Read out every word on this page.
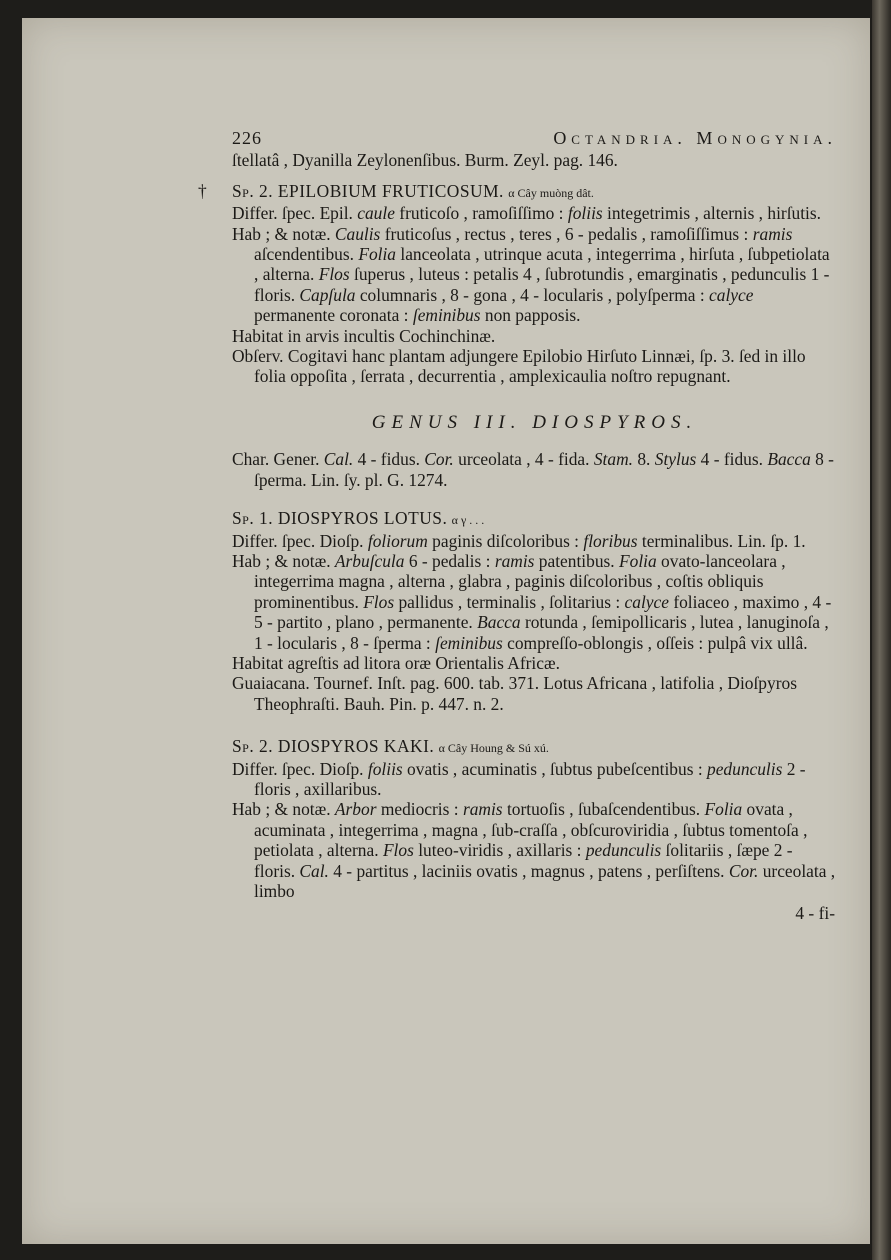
226	Octandria. Monogynia.

ſtellatâ , Dyanilla Zeylonenſibus. Burm. Zeyl. pag. 146.

Sp. 2. EPILOBIUM FRUTICOSUM. α Cây muòng dât.

Differ. ſpec. Epil. caule fruticoſo , ramoſiſſimo : foliis integetrimis , alternis , hirſutis.

Hab ; & notæ. Caulis fruticoſus , rectus , teres , 6 - pedalis , ramoſiſſimus : ramis aſcendentibus. Folia lanceolata , utrinque acuta , integerrima , hirſuta , ſubpetiolata , alterna. Flos ſuperus , luteus : petalis 4 , ſubrotundis , emarginatis , pedunculis 1 - floris. Capſula columnaris , 8 - gona , 4 - locularis , polyſperma : calyce permanente coronata : ſeminibus non papposis.

Habitat in arvis incultis Cochinchinæ.

Obſerv. Cogitavi hanc plantam adjungere Epilobio Hirſuto Linnæi, ſp. 3. ſed in illo folia oppoſita , ſerrata , decurrentia , amplexicaulia noſtro repugnant.

GENUS III. DIOSPYROS.

Char. Gener. Cal. 4 - fidus. Cor. urceolata , 4 - fida. Stam. 8. Stylus 4 - fidus. Bacca 8 - ſperma. Lin. ſy. pl. G. 1274.

Sp. 1. DIOSPYROS LOTUS. α γ . . .

Differ. ſpec. Dioſp. foliorum paginis diſcoloribus : floribus terminalibus. Lin. ſp. 1.

Hab ; & notæ. Arbuſcula 6 - pedalis : ramis patentibus. Folia ovato-lanceolara , integerrima magna , alterna , glabra , paginis diſcoloribus , coſtis obliquis prominentibus. Flos pallidus , terminalis , ſolitarius : calyce foliaceo , maximo , 4 - 5 - partito , plano , permanente. Bacca rotunda , ſemipollicaris , lutea , lanuginoſa , 1 - locularis , 8 - ſperma : ſeminibus compreſſo-oblongis , oſſeis : pulpâ vix ullâ.

Habitat agreſtis ad litora oræ Orientalis Africæ.

Guaiacana. Tournef. Inſt. pag. 600. tab. 371. Lotus Africana , latifolia , Dioſpyros Theophraſti. Bauh. Pin. p. 447. n. 2.

Sp. 2. DIOSPYROS KAKI. α Cây Houng & Sú xú.

Differ. ſpec. Dioſp. foliis ovatis , acuminatis , ſubtus pubeſcentibus : pedunculis 2 - floris , axillaribus.

Hab ; & notæ. Arbor mediocris : ramis tortuoſis , ſubaſcendentibus. Folia ovata , acuminata , integerrima , magna , ſub-craſſa , obſcuroviridia , ſubtus tomentoſa , petiolata , alterna. Flos luteo-viridis , axillaris : pedunculis ſolitariis , ſæpe 2 - floris. Cal. 4 - partitus , laciniis ovatis , magnus , patens , perſiſtens. Cor. urceolata , limbo

4 - fi-
